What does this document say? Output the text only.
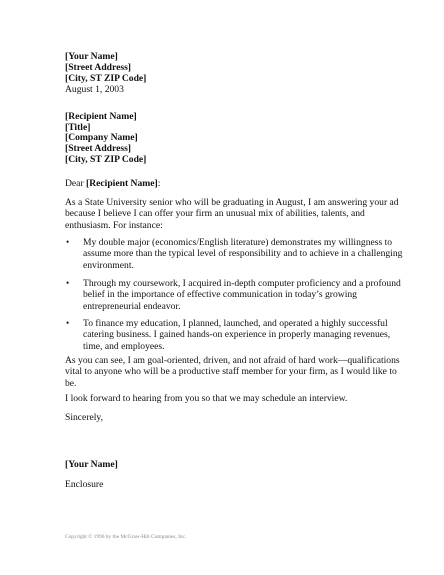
[Your Name]
[Street Address]
[City, ST ZIP Code]
August 1, 2003
[Recipient Name]
[Title]
[Company Name]
[Street Address]
[City, ST ZIP Code]
Dear [Recipient Name]:
As a State University senior who will be graduating in August, I am answering your ad
because I believe I can offer your firm an unusual mix of abilities, talents, and
enthusiasm. For instance:
• My double major (economics/English literature) demonstrates my willingness to
assume more than the typical level of responsibility and to achieve in a challenging
environment.
• Through my coursework, I acquired in-depth computer proficiency and a profound
belief in the importance of effective communication in today’s growing
entrepreneurial endeavor.
• To finance my education, I planned, launched, and operated a highly successful
catering business. I gained hands-on experience in properly managing revenues,
time, and employees.
As you can see, I am goal-oriented, driven, and not afraid of hard work—qualifications
vital to anyone who will be a productive staff member for your firm, as I would like to
be.
I look forward to hearing from you so that we may schedule an interview.
Sincerely,
[Your Name]
Enclosure
Copyright © 1996 by the McGraw-Hill Companies, Inc.
